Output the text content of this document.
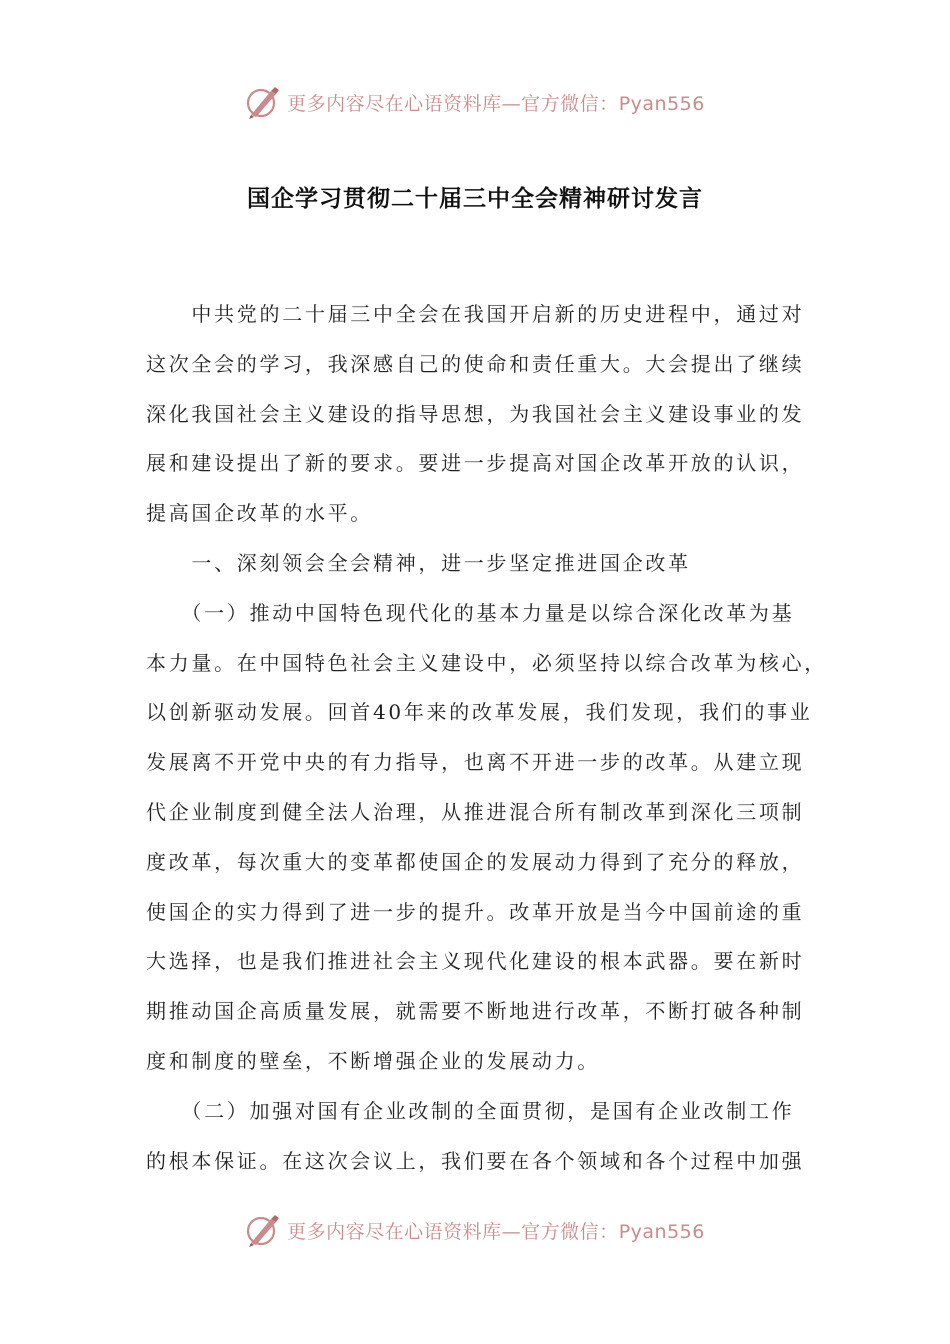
更多内容尽在心语资料库—官方微信：Pyan556
国企学习贯彻二十届三中全会精神研讨发言
　　中共党的二十届三中全会在我国开启新的历史进程中，通过对
这次全会的学习，我深感自己的使命和责任重大。大会提出了继续
深化我国社会主义建设的指导思想，为我国社会主义建设事业的发
展和建设提出了新的要求。要进一步提高对国企改革开放的认识，
提高国企改革的水平。
　　一、深刻领会全会精神，进一步坚定推进国企改革
　　（一）推动中国特色现代化的基本力量是以综合深化改革为基
本力量。在中国特色社会主义建设中，必须坚持以综合改革为核心，
以创新驱动发展。回首40年来的改革发展，我们发现，我们的事业
发展离不开党中央的有力指导，也离不开进一步的改革。从建立现
代企业制度到健全法人治理，从推进混合所有制改革到深化三项制
度改革，每次重大的变革都使国企的发展动力得到了充分的释放，
使国企的实力得到了进一步的提升。改革开放是当今中国前途的重
大选择，也是我们推进社会主义现代化建设的根本武器。要在新时
期推动国企高质量发展，就需要不断地进行改革，不断打破各种制
度和制度的壁垒，不断增强企业的发展动力。
　　（二）加强对国有企业改制的全面贯彻，是国有企业改制工作
的根本保证。在这次会议上，我们要在各个领域和各个过程中加强
更多内容尽在心语资料库—官方微信：Pyan556
